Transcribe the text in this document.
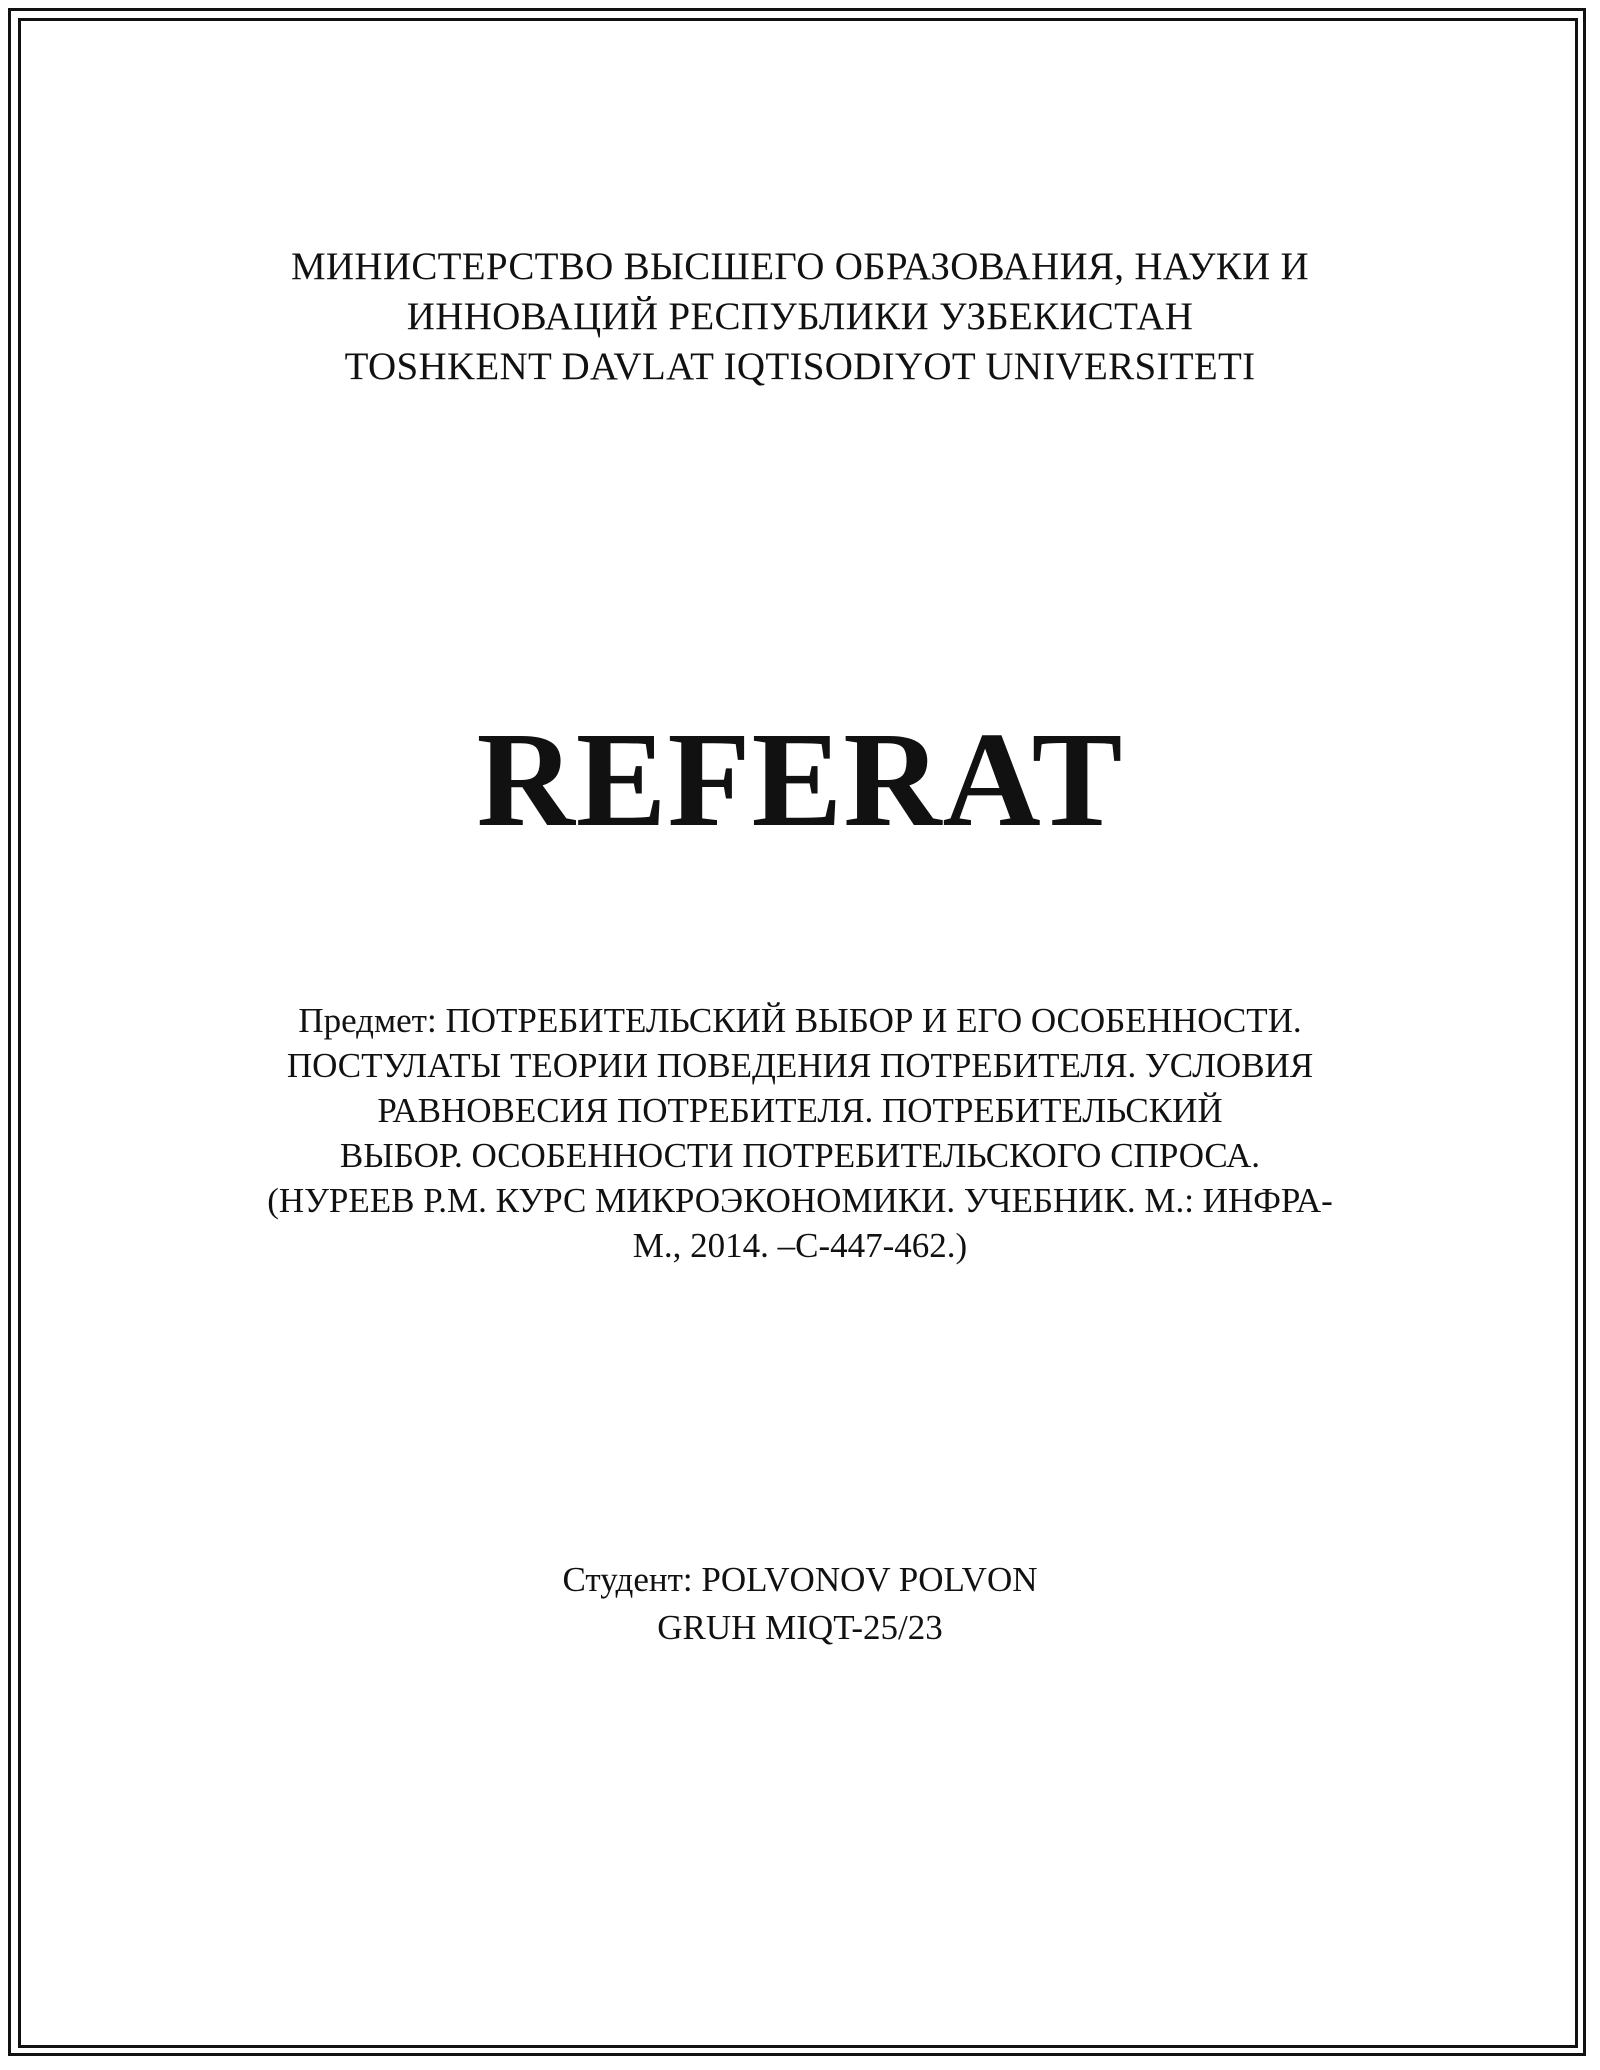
МИНИСТЕРСТВО ВЫСШЕГО ОБРАЗОВАНИЯ, НАУКИ И
ИННОВАЦИЙ РЕСПУБЛИКИ УЗБЕКИСТАН
TOSHKENT DAVLAT IQTISODIYOT UNIVERSITETI
REFERAT
Предмет: ПОТРЕБИТЕЛЬСКИЙ ВЫБОР И ЕГО ОСОБЕННОСТИ.
ПОСТУЛАТЫ ТЕОРИИ ПОВЕДЕНИЯ ПОТРЕБИТЕЛЯ. УСЛОВИЯ
РАВНОВЕСИЯ ПОТРЕБИТЕЛЯ. ПОТРЕБИТЕЛЬСКИЙ
ВЫБОР. ОСОБЕННОСТИ ПОТРЕБИТЕЛЬСКОГО СПРОСА.
(НУРЕЕВ Р.М. КУРС МИКРОЭКОНОМИКИ. УЧЕБНИК. М.: ИНФРА-
М., 2014. –С-447-462.)
Студент: POLVONOV POLVON
GRUH MIQT-25/23
